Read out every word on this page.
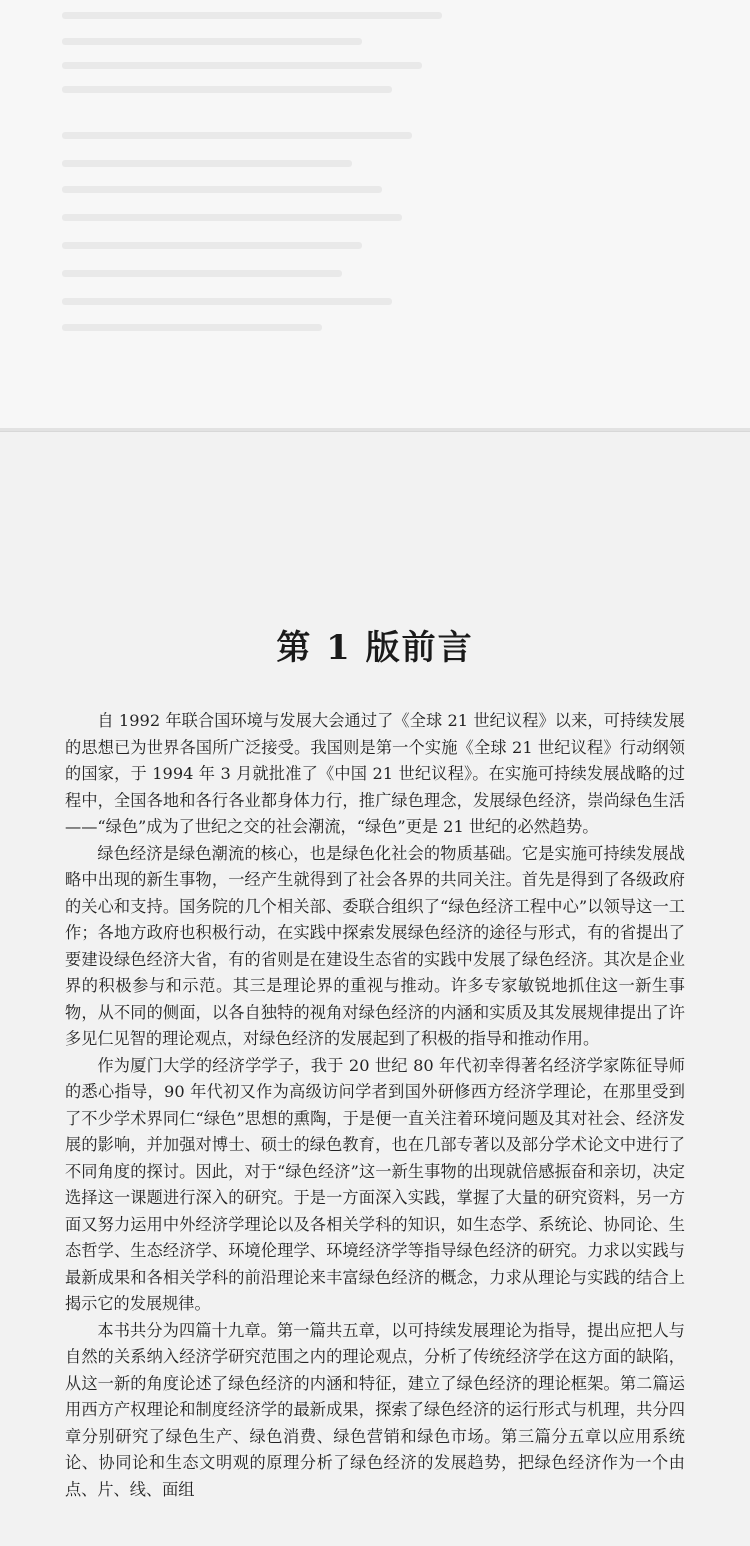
第 1 版前言

自 1992 年联合国环境与发展大会通过了《全球 21 世纪议程》以来，可持续发展的思想已为世界各国所广泛接受。我国则是第一个实施《全球 21 世纪议程》行动纲领的国家，于 1994 年 3 月就批准了《中国 21 世纪议程》。在实施可持续发展战略的过程中，全国各地和各行各业都身体力行，推广绿色理念，发展绿色经济，崇尚绿色生活——“绿色”成为了世纪之交的社会潮流，“绿色”更是 21 世纪的必然趋势。

绿色经济是绿色潮流的核心，也是绿色化社会的物质基础。它是实施可持续发展战略中出现的新生事物，一经产生就得到了社会各界的共同关注。首先是得到了各级政府的关心和支持。国务院的几个相关部、委联合组织了“绿色经济工程中心”以领导这一工作；各地方政府也积极行动，在实践中探索发展绿色经济的途径与形式，有的省提出了要建设绿色经济大省，有的省则是在建设生态省的实践中发展了绿色经济。其次是企业界的积极参与和示范。其三是理论界的重视与推动。许多专家敏锐地抓住这一新生事物，从不同的侧面，以各自独特的视角对绿色经济的内涵和实质及其发展规律提出了许多见仁见智的理论观点，对绿色经济的发展起到了积极的指导和推动作用。

作为厦门大学的经济学学子，我于 20 世纪 80 年代初幸得著名经济学家陈征导师的悉心指导，90 年代初又作为高级访问学者到国外研修西方经济学理论，在那里受到了不少学术界同仁“绿色”思想的熏陶，于是便一直关注着环境问题及其对社会、经济发展的影响，并加强对博士、硕士的绿色教育，也在几部专著以及部分学术论文中进行了不同角度的探讨。因此，对于“绿色经济”这一新生事物的出现就倍感振奋和亲切，决定选择这一课题进行深入的研究。于是一方面深入实践，掌握了大量的研究资料，另一方面又努力运用中外经济学理论以及各相关学科的知识，如生态学、系统论、协同论、生态哲学、生态经济学、环境伦理学、环境经济学等指导绿色经济的研究。力求以实践与最新成果和各相关学科的前沿理论来丰富绿色经济的概念，力求从理论与实践的结合上揭示它的发展规律。

本书共分为四篇十九章。第一篇共五章，以可持续发展理论为指导，提出应把人与自然的关系纳入经济学研究范围之内的理论观点，分析了传统经济学在这方面的缺陷，从这一新的角度论述了绿色经济的内涵和特征，建立了绿色经济的理论框架。第二篇运用西方产权理论和制度经济学的最新成果，探索了绿色经济的运行形式与机理，共分四章分别研究了绿色生产、绿色消费、绿色营销和绿色市场。第三篇分五章以应用系统论、协同论和生态文明观的原理分析了绿色经济的发展趋势，把绿色经济作为一个由点、片、线、面组
